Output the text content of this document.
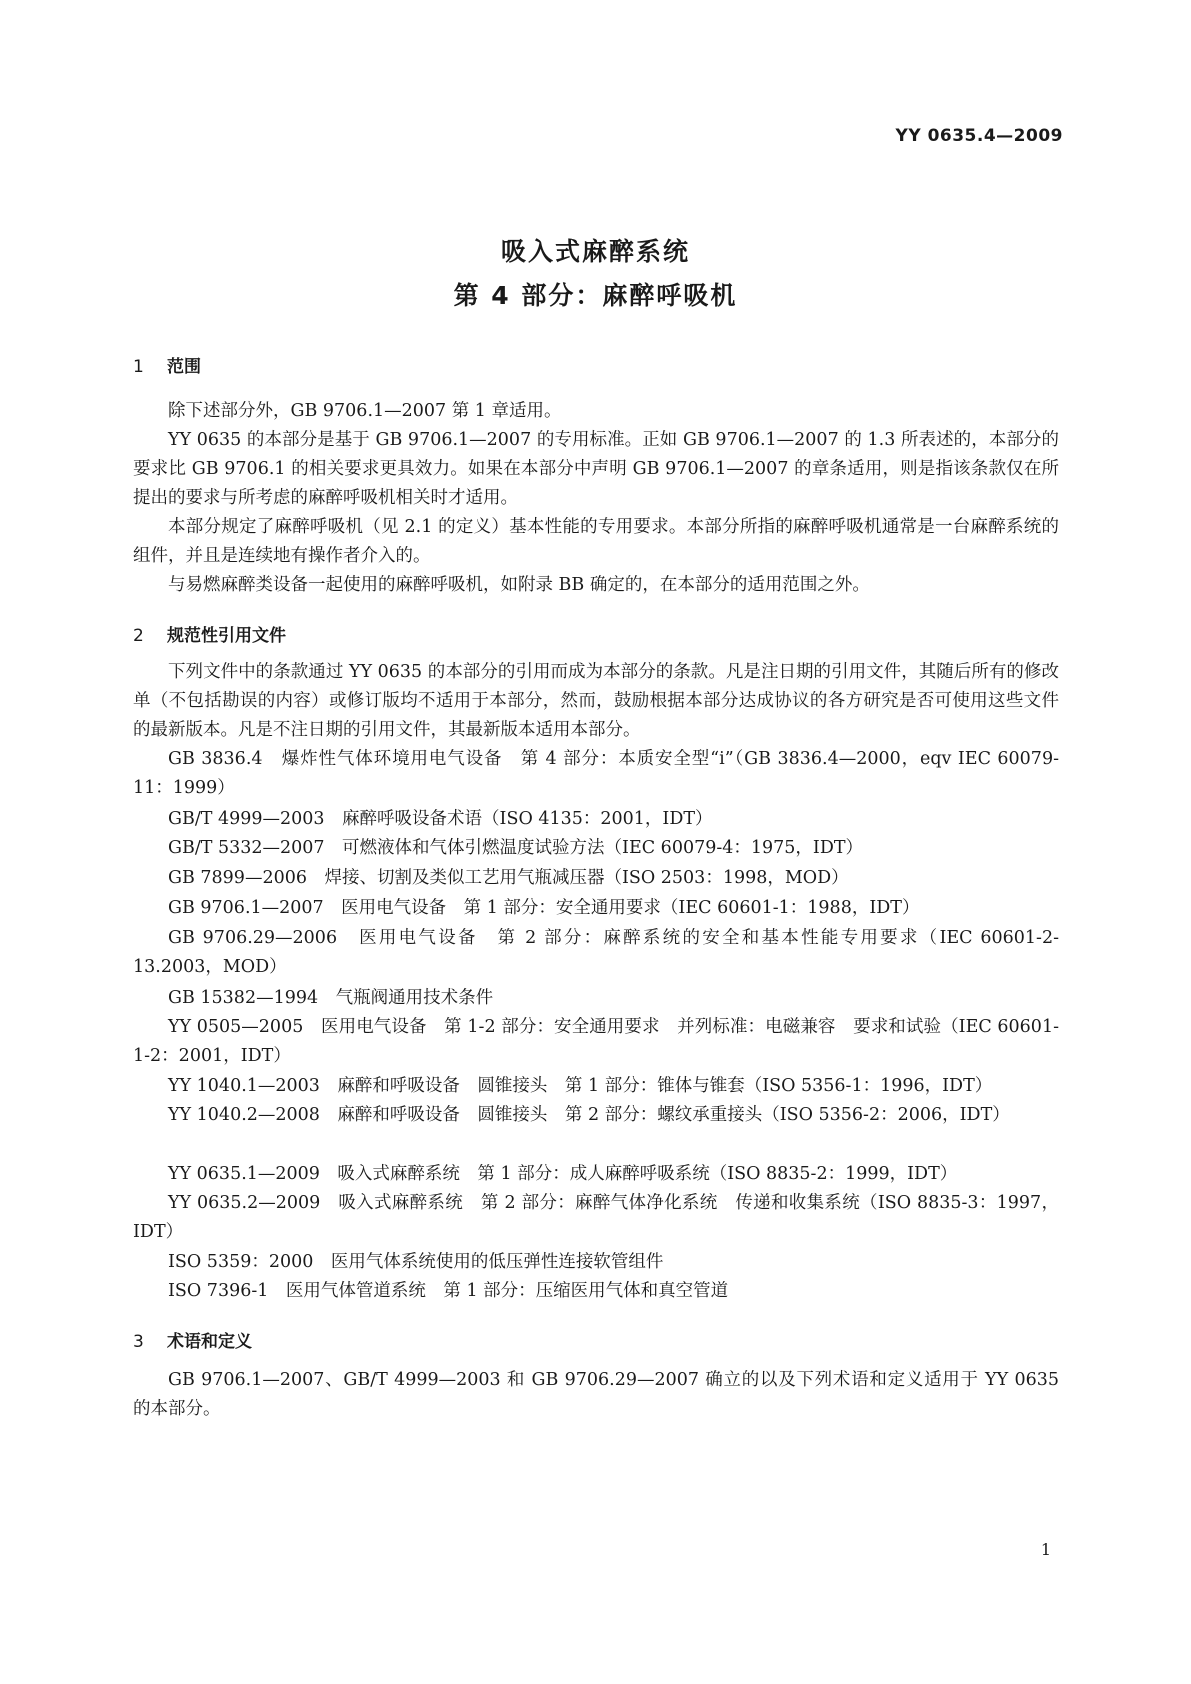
YY 0635.4—2009
吸入式麻醉系统
第 4 部分：麻醉呼吸机
1 范围
除下述部分外，GB 9706.1—2007 第 1 章适用。
YY 0635 的本部分是基于 GB 9706.1—2007 的专用标准。正如 GB 9706.1—2007 的 1.3 所表述的，本部分的要求比 GB 9706.1 的相关要求更具效力。如果在本部分中声明 GB 9706.1—2007 的章条适用，则是指该条款仅在所提出的要求与所考虑的麻醉呼吸机相关时才适用。
本部分规定了麻醉呼吸机（见 2.1 的定义）基本性能的专用要求。本部分所指的麻醉呼吸机通常是一台麻醉系统的组件，并且是连续地有操作者介入的。
与易燃麻醉类设备一起使用的麻醉呼吸机，如附录 BB 确定的，在本部分的适用范围之外。
2 规范性引用文件
下列文件中的条款通过 YY 0635 的本部分的引用而成为本部分的条款。凡是注日期的引用文件，其随后所有的修改单（不包括勘误的内容）或修订版均不适用于本部分，然而，鼓励根据本部分达成协议的各方研究是否可使用这些文件的最新版本。凡是不注日期的引用文件，其最新版本适用本部分。
GB 3836.4　爆炸性气体环境用电气设备　第 4 部分：本质安全型“i”（GB 3836.4—2000，eqv IEC 60079-11：1999）
GB/T 4999—2003　麻醉呼吸设备术语（ISO 4135：2001，IDT）
GB/T 5332—2007　可燃液体和气体引燃温度试验方法（IEC 60079-4：1975，IDT）
GB 7899—2006　焊接、切割及类似工艺用气瓶减压器（ISO 2503：1998，MOD）
GB 9706.1—2007　医用电气设备　第 1 部分：安全通用要求（IEC 60601-1：1988，IDT）
GB 9706.29—2006　医用电气设备　第 2 部分：麻醉系统的安全和基本性能专用要求（IEC 60601-2-13.2003，MOD）
GB 15382—1994　气瓶阀通用技术条件
YY 0505—2005　医用电气设备　第 1-2 部分：安全通用要求　并列标准：电磁兼容　要求和试验（IEC 60601-1-2：2001，IDT）
YY 1040.1—2003　麻醉和呼吸设备　圆锥接头　第 1 部分：锥体与锥套（ISO 5356-1：1996，IDT）
YY 1040.2—2008　麻醉和呼吸设备　圆锥接头　第 2 部分：螺纹承重接头（ISO 5356-2：2006，IDT）
YY 0635.1—2009　吸入式麻醉系统　第 1 部分：成人麻醉呼吸系统（ISO 8835-2：1999，IDT）
YY 0635.2—2009　吸入式麻醉系统　第 2 部分：麻醉气体净化系统　传递和收集系统（ISO 8835-3：1997，IDT）
ISO 5359：2000　医用气体系统使用的低压弹性连接软管组件
ISO 7396-1　医用气体管道系统　第 1 部分：压缩医用气体和真空管道
3 术语和定义
GB 9706.1—2007、GB/T 4999—2003 和 GB 9706.29—2007 确立的以及下列术语和定义适用于 YY 0635 的本部分。
1
